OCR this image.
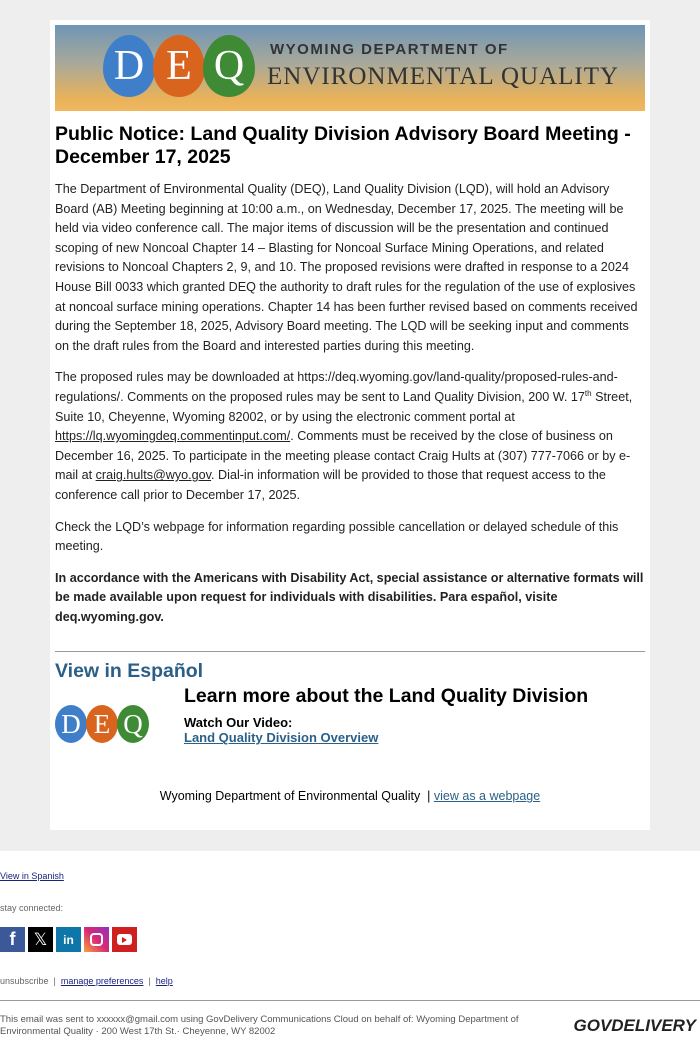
D E Q	WYOMING DEPARTMENT OF
ENVIRONMENTAL QUALITY
Public Notice: Land Quality Division Advisory Board Meeting - December 17, 2025

The Department of Environmental Quality (DEQ), Land Quality Division (LQD), will hold an Advisory Board (AB) Meeting beginning at 10:00 a.m., on Wednesday, December 17, 2025. The meeting will be held via video conference call. The major items of discussion will be the presentation and continued scoping of new Noncoal Chapter 14 – Blasting for Noncoal Surface Mining Operations, and related revisions to Noncoal Chapters 2, 9, and 10. The proposed revisions were drafted in response to a 2024 House Bill 0033 which granted DEQ the authority to draft rules for the regulation of the use of explosives at noncoal surface mining operations. Chapter 14 has been further revised based on comments received during the September 18, 2025, Advisory Board meeting. The LQD will be seeking input and comments on the draft rules from the Board and interested parties during this meeting.

The proposed rules may be downloaded at https://deq.wyoming.gov/land-quality/proposed-rules-and-regulations/. Comments on the proposed rules may be sent to Land Quality Division, 200 W. 17th Street, Suite 10, Cheyenne, Wyoming 82002, or by using the electronic comment portal at https://lq.wyomingdeq.commentinput.com/. Comments must be received by the close of business on December 16, 2025. To participate in the meeting please contact Craig Hults at (307) 777-7066 or by e-mail at craig.hults@wyo.gov. Dial-in information will be provided to those that request access to the conference call prior to December 17, 2025.

Check the LQD’s webpage for information regarding possible cancellation or delayed schedule of this meeting.

In accordance with the Americans with Disability Act, special assistance or alternative formats will be made available upon request for individuals with disabilities. Para español, visite deq.wyoming.gov.

View in Español
D E Q
Learn more about the Land Quality Division
Watch Our Video:
Land Quality Division Overview
Wyoming Department of Environmental Quality | view as a webpage
View in Spanish
stay connected:
f	𝕏	in
unsubscribe  |  manage preferences  |  help
This email was sent to xxxxxx@gmail.com using GovDelivery Communications Cloud on behalf of: Wyoming Department of Environmental Quality · 200 West 17th St.· Cheyenne, WY 82002	GOVDELIVERY
